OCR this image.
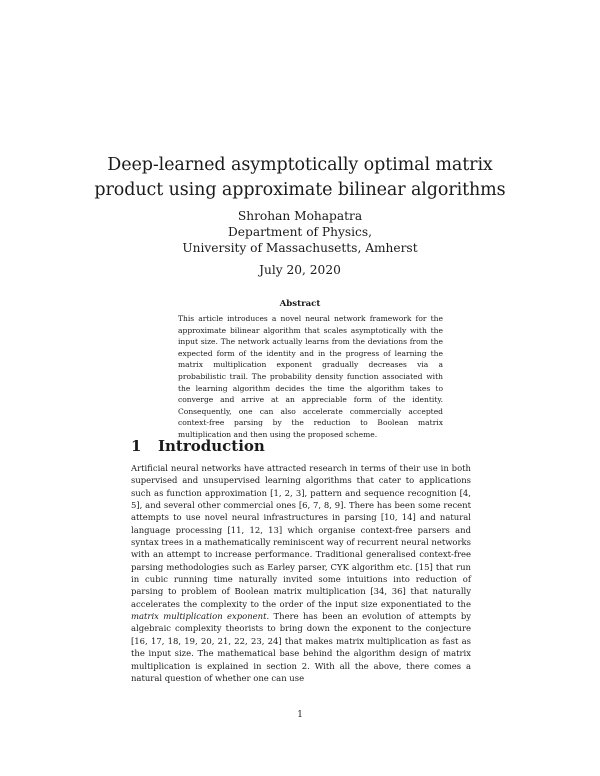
Deep-learned asymptotically optimal matrix
product using approximate bilinear algorithms
Shrohan Mohapatra
Department of Physics,
University of Massachusetts, Amherst
July 20, 2020
Abstract
This article introduces a novel neural network framework for the approximate bilinear algorithm that scales asymptotically with the input size. The network actually learns from the deviations from the expected form of the identity and in the progress of learning the matrix multiplication exponent gradually decreases via a probabilistic trail. The probability density function associated with the learning algorithm decides the time the algorithm takes to converge and arrive at an appreciable form of the identity. Consequently, one can also accelerate commercially accepted context-free parsing by the reduction to Boolean matrix multiplication and then using the proposed scheme.
1 Introduction
Artificial neural networks have attracted research in terms of their use in both supervised and unsupervised learning algorithms that cater to applications such as function approximation [1, 2, 3], pattern and sequence recognition [4, 5], and several other commercial ones [6, 7, 8, 9]. There has been some recent attempts to use novel neural infrastructures in parsing [10, 14] and natural language processing [11, 12, 13] which organise context-free parsers and syntax trees in a mathematically reminiscent way of recurrent neural networks with an attempt to increase performance. Traditional generalised context-free parsing methodologies such as Earley parser, CYK algorithm etc. [15] that run in cubic running time naturally invited some intuitions into reduction of parsing to problem of Boolean matrix multiplication [34, 36] that naturally accelerates the complexity to the order of the input size exponentiated to the matrix multiplication exponent. There has been an evolution of attempts by algebraic complexity theorists to bring down the exponent to the conjecture [16, 17, 18, 19, 20, 21, 22, 23, 24] that makes matrix multiplication as fast as the input size. The mathematical base behind the algorithm design of matrix multiplication is explained in section 2. With all the above, there comes a natural question of whether one can use
1
